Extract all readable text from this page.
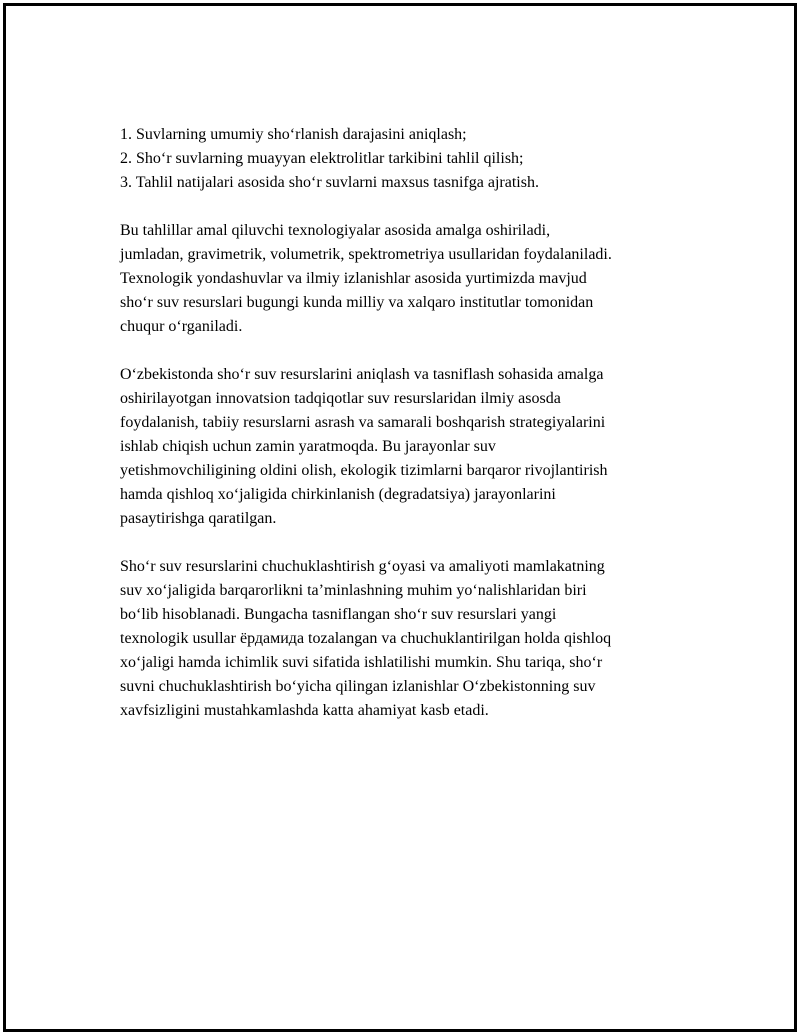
1. Suvlarning umumiy sho‘rlanish darajasini aniqlash;

2. Sho‘r suvlarning muayyan elektrolitlar tarkibini tahlil qilish;

3. Tahlil natijalari asosida sho‘r suvlarni maxsus tasnifga ajratish.

Bu tahlillar amal qiluvchi texnologiyalar asosida amalga oshiriladi,
jumladan, gravimetrik, volumetrik, spektrometriya usullaridan foydalaniladi.
Texnologik yondashuvlar va ilmiy izlanishlar asosida yurtimizda mavjud
sho‘r suv resurslari bugungi kunda milliy va xalqaro institutlar tomonidan
chuqur o‘rganiladi.

O‘zbekistonda sho‘r suv resurslarini aniqlash va tasniflash sohasida amalga
oshirilayotgan innovatsion tadqiqotlar suv resurslaridan ilmiy asosda
foydalanish, tabiiy resurslarni asrash va samarali boshqarish strategiyalarini
ishlab chiqish uchun zamin yaratmoqda. Bu jarayonlar suv
yetishmovchiligining oldini olish, ekologik tizimlarni barqaror rivojlantirish
hamda qishloq xo‘jaligida chirkinlanish (degradatsiya) jarayonlarini
pasaytirishga qaratilgan.

Sho‘r suv resurslarini chuchuklashtirish g‘oyasi va amaliyoti mamlakatning
suv xo‘jaligida barqarorlikni ta’minlashning muhim yo‘nalishlaridan biri
bo‘lib hisoblanadi. Bungacha tasniflangan sho‘r suv resurslari yangi
texnologik usullar ёрдамида tozalangan va chuchuklantirilgan holda qishloq
xo‘jaligi hamda ichimlik suvi sifatida ishlatilishi mumkin. Shu tariqa, sho‘r
suvni chuchuklashtirish bo‘yicha qilingan izlanishlar O‘zbekistonning suv
xavfsizligini mustahkamlashda katta ahamiyat kasb etadi.
